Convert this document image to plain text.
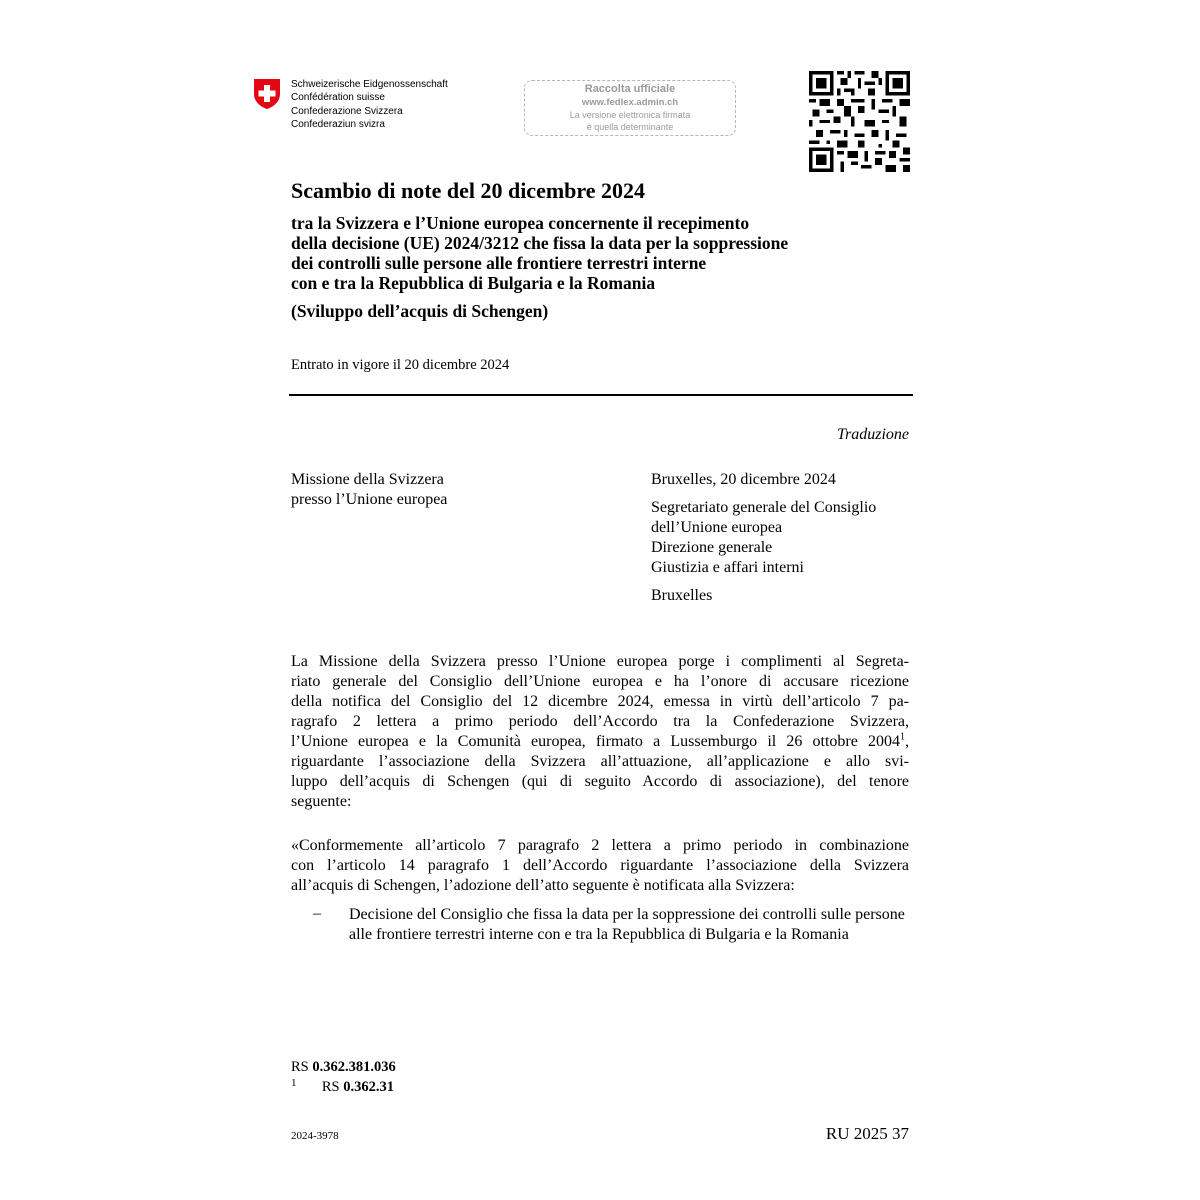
Schweizerische Eidgenossenschaft
Confédération suisse
Confederazione Svizzera
Confederaziun svizra
Raccolta ufficiale
www.fedlex.admin.ch
La versione elettronica firmata
è quella determinante
Scambio di note del 20 dicembre 2024
tra la Svizzera e l’Unione europea concernente il recepimento
della decisione (UE) 2024/3212 che fissa la data per la soppressione
dei controlli sulle persone alle frontiere terrestri interne
con e tra la Repubblica di Bulgaria e la Romania
(Sviluppo dell’acquis di Schengen)
Entrato in vigore il 20 dicembre 2024
Traduzione
Missione della Svizzera
presso l’Unione europea
Bruxelles, 20 dicembre 2024
Segretariato generale del Consiglio
dell’Unione europea
Direzione generale
Giustizia e affari interni
Bruxelles
La Missione della Svizzera presso l’Unione europea porge i complimenti al Segreta-
riato generale del Consiglio dell’Unione europea e ha l’onore di accusare ricezione
della notifica del Consiglio del 12 dicembre 2024, emessa in virtù dell’articolo 7 pa-
ragrafo 2 lettera a primo periodo dell’Accordo tra la Confederazione Svizzera,
l’Unione europea e la Comunità europea, firmato a Lussemburgo il 26 ottobre 2004$^1$,
riguardante l’associazione della Svizzera all’attuazione, all’applicazione e allo svi-
luppo dell’acquis di Schengen (qui di seguito Accordo di associazione), del tenore
seguente:
«Conformemente all’articolo 7 paragrafo 2 lettera a primo periodo in combinazione
con l’articolo 14 paragrafo 1 dell’Accordo riguardante l’associazione della Svizzera
all’acquis di Schengen, l’adozione dell’atto seguente è notificata alla Svizzera:
– Decisione del Consiglio che fissa la data per la soppressione dei controlli sulle persone alle frontiere terrestri interne con e tra la Repubblica di Bulgaria e la Romania
RS 0.362.381.036
$^1$ RS 0.362.31
2024-3978	RU 2025 37
